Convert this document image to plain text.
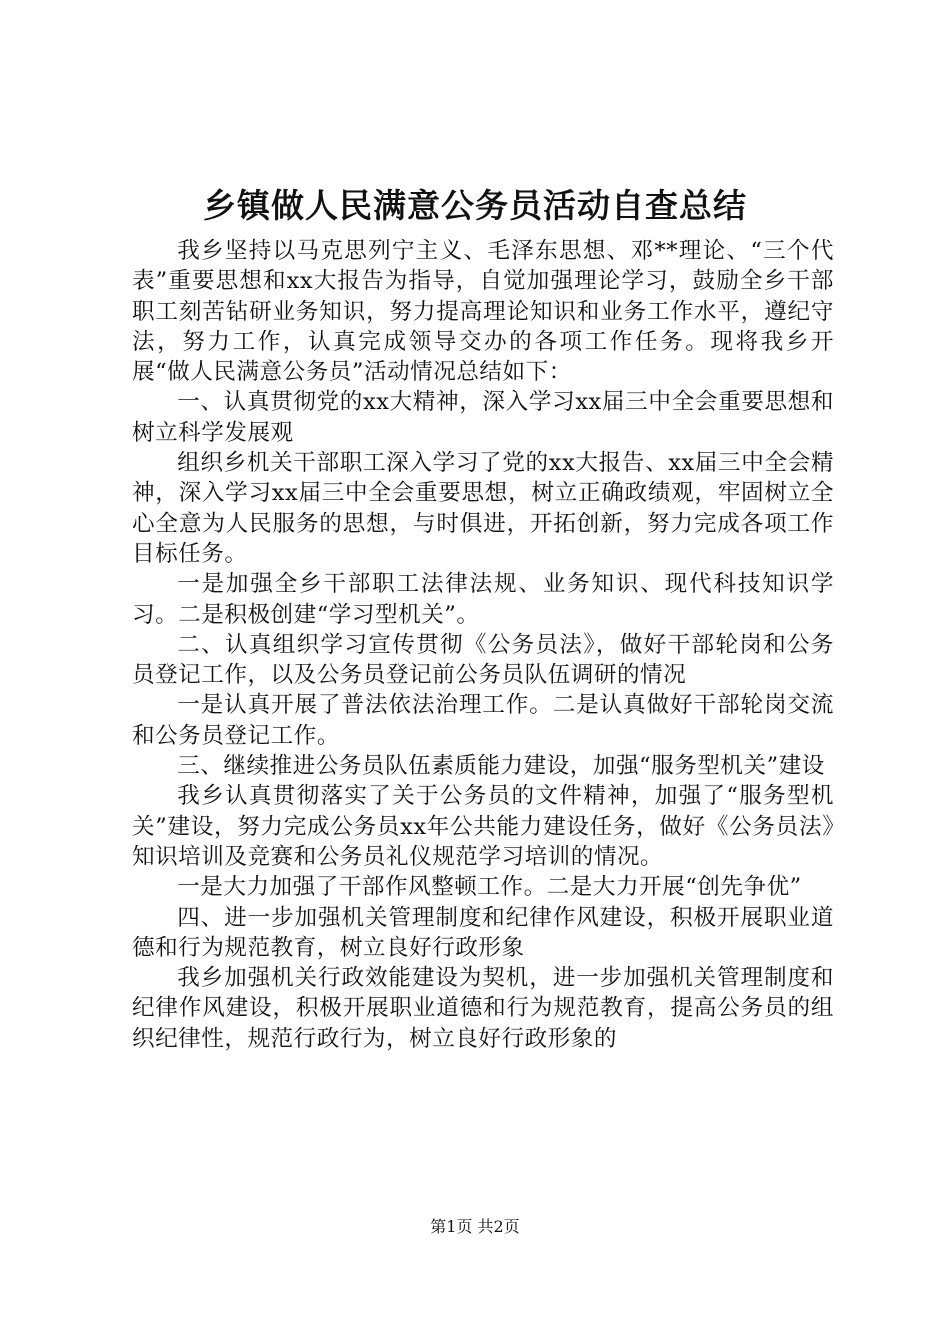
乡镇做人民满意公务员活动自查总结

我乡坚持以马克思列宁主义、毛泽东思想、邓**理论、“三个代表”重要思想和xx大报告为指导，自觉加强理论学习，鼓励全乡干部职工刻苦钻研业务知识，努力提高理论知识和业务工作水平，遵纪守法，努力工作，认真完成领导交办的各项工作任务。现将我乡开展“做人民满意公务员”活动情况总结如下：

一、认真贯彻党的xx大精神，深入学习xx届三中全会重要思想和树立科学发展观

组织乡机关干部职工深入学习了党的xx大报告、xx届三中全会精神，深入学习xx届三中全会重要思想，树立正确政绩观，牢固树立全心全意为人民服务的思想，与时俱进，开拓创新，努力完成各项工作目标任务。

一是加强全乡干部职工法律法规、业务知识、现代科技知识学习。二是积极创建“学习型机关”。

二、认真组织学习宣传贯彻《公务员法》，做好干部轮岗和公务员登记工作，以及公务员登记前公务员队伍调研的情况

一是认真开展了普法依法治理工作。二是认真做好干部轮岗交流和公务员登记工作。

三、继续推进公务员队伍素质能力建设，加强“服务型机关”建设

我乡认真贯彻落实了关于公务员的文件精神，加强了“服务型机关”建设，努力完成公务员xx年公共能力建设任务，做好《公务员法》知识培训及竞赛和公务员礼仪规范学习培训的情况。

一是大力加强了干部作风整顿工作。二是大力开展“创先争优”

四、进一步加强机关管理制度和纪律作风建设，积极开展职业道德和行为规范教育，树立良好行政形象

我乡加强机关行政效能建设为契机，进一步加强机关管理制度和纪律作风建设，积极开展职业道德和行为规范教育，提高公务员的组织纪律性，规范行政行为，树立良好行政形象的

第1页 共2页
